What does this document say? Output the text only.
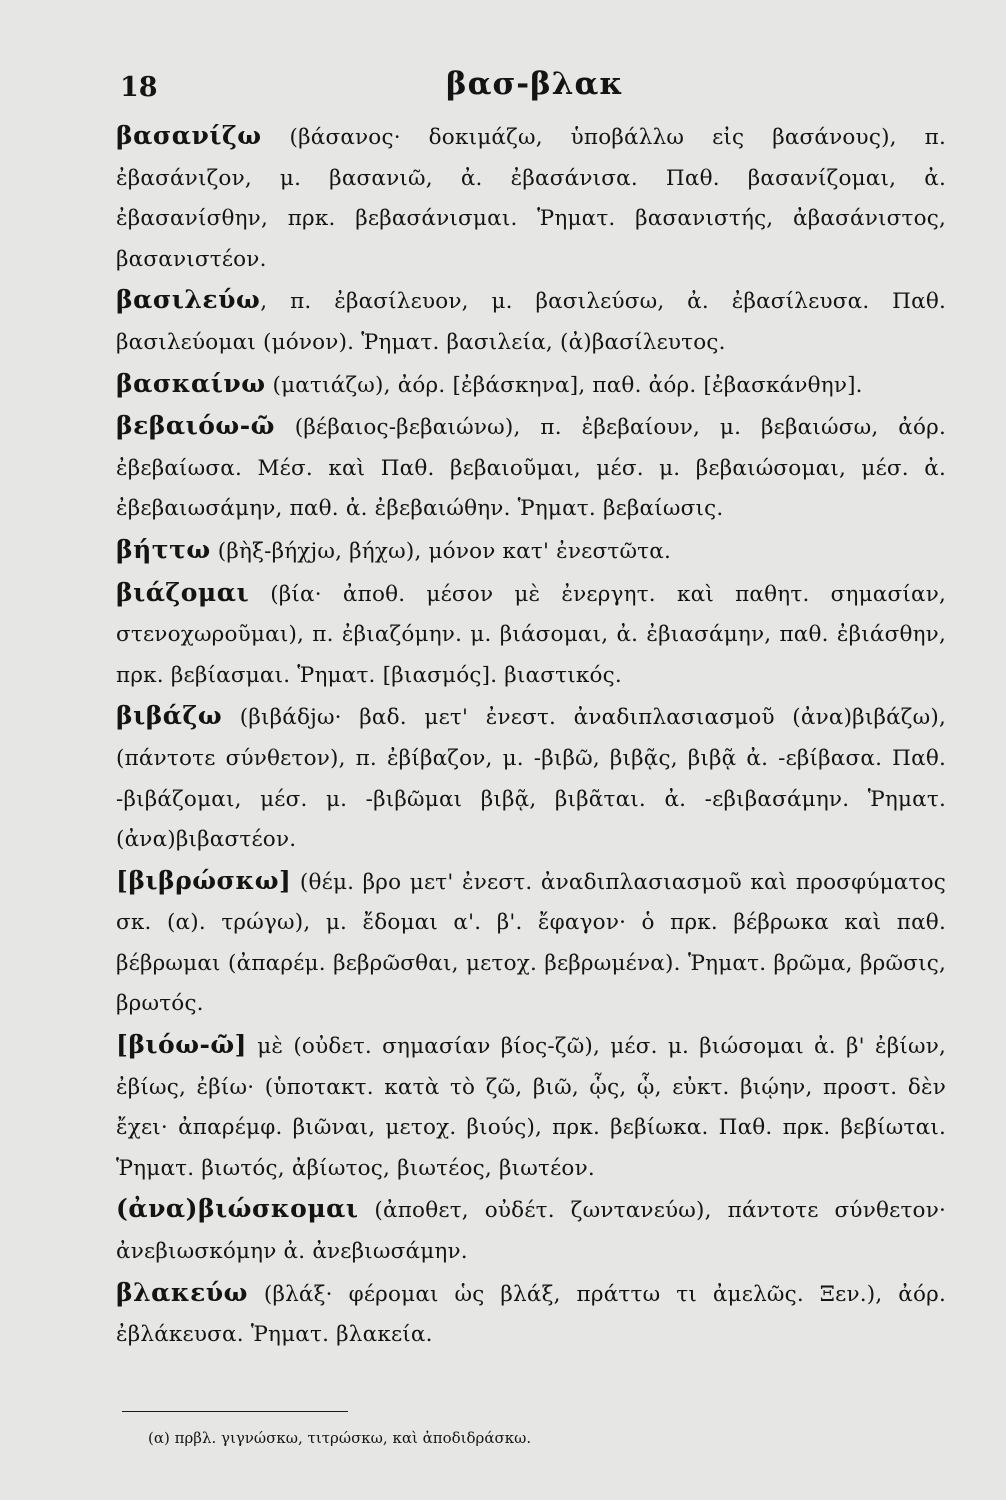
18	βασ-βλακ

βασανίζω (βάσανος· δοκιμάζω, ὑποβάλλω εἰς βασάνους), π. ἐβασάνιζον, μ. βασανιῶ, ἀ. ἐβασάνισα. Παθ. βασανίζομαι, ἀ. ἐβασανίσθην, πρκ. βεβασάνισμαι. Ῥηματ. βασανιστής, ἀβασάνιστος, βασανιστέον.

βασιλεύω, π. ἐβασίλευον, μ. βασιλεύσω, ἀ. ἐβασίλευσα. Παθ. βασιλεύομαι (μόνον). Ῥηματ. βασιλεία, (ἀ)βασίλευτος.

βασκαίνω (ματιάζω), ἀόρ. [ἐβάσκηνα], παθ. ἀόρ. [ἐβασκάνθην].

βεβαιόω-ῶ (βέβαιος-βεβαιώνω), π. ἐβεβαίουν, μ. βεβαιώσω, ἀόρ. ἐβεβαίωσα. Μέσ. καὶ Παθ. βεβαιοῦμαι, μέσ. μ. βεβαιώσομαι, μέσ. ἀ. ἐβεβαιωσάμην, παθ. ἀ. ἐβεβαιώθην. Ῥηματ. βεβαίωσις.

βήττω (βὴξ-βήχjω, βήχω), μόνον κατ' ἐνεστῶτα.

βιάζομαι (βία· ἀποθ. μέσον μὲ ἐνεργητ. καὶ παθητ. σημασίαν, στενοχωροῦμαι), π. ἐβιαζόμην. μ. βιάσομαι, ἀ. ἐβιασάμην, παθ. ἐβιάσθην, πρκ. βεβίασμαι. Ῥηματ. [βιασμός]. βιαστικός.

βιβάζω (βιβάδjω· βαδ. μετ' ἐνεστ. ἀναδιπλασιασμοῦ (ἀνα)βιβάζω), (πάντοτε σύνθετον), π. ἐβίβαζον, μ. -βιβῶ, βιβᾷς, βιβᾷ ἀ. -εβίβασα. Παθ. -βιβάζομαι, μέσ. μ. -βιβῶμαι βιβᾷ, βιβᾶται. ἀ. -εβιβασάμην. Ῥηματ. (ἀνα)βιβαστέον.

[βιβρώσκω] (θέμ. βρο μετ' ἐνεστ. ἀναδιπλασιασμοῦ καὶ προσφύματος σκ. (α). τρώγω), μ. ἔδομαι α'. β'. ἔφαγον· ὁ πρκ. βέβρωκα καὶ παθ. βέβρωμαι (ἀπαρέμ. βεβρῶσθαι, μετοχ. βεβρωμένα). Ῥηματ. βρῶμα, βρῶσις, βρωτός.

[βιόω-ῶ] μὲ (οὐδετ. σημασίαν βίος-ζῶ), μέσ. μ. βιώσομαι ἀ. β' ἐβίων, ἐβίως, ἐβίω· (ὑποτακτ. κατὰ τὸ ζῶ, βιῶ, ᾧς, ᾧ, εὐκτ. βιῴην, προστ. δὲν ἔχει· ἀπαρέμφ. βιῶναι, μετοχ. βιούς), πρκ. βεβίωκα. Παθ. πρκ. βεβίωται. Ῥηματ. βιωτός, ἀβίωτος, βιωτέος, βιωτέον.

(ἀνα)βιώσκομαι (ἀποθετ, οὐδέτ. ζωντανεύω), πάντοτε σύνθετον· ἀνεβιωσκόμην ἀ. ἀνεβιωσάμην.

βλακεύω (βλάξ· φέρομαι ὡς βλάξ, πράττω τι ἀμελῶς. Ξεν.), ἀόρ. ἐβλάκευσα. Ῥηματ. βλακεία.

(α) πρβλ. γιγνώσκω, τιτρώσκω, καὶ ἀποδιδράσκω.
